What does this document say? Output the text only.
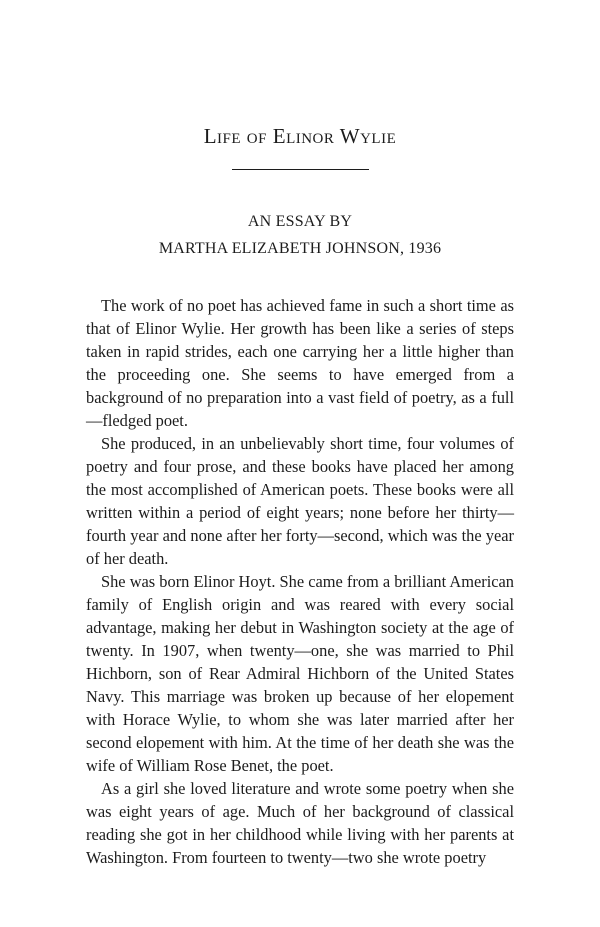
Life of Elinor Wylie
AN ESSAY BY
MARTHA ELIZABETH JOHNSON, 1936

The work of no poet has achieved fame in such a short time as that of Elinor Wylie. Her growth has been like a series of steps taken in rapid strides, each one carrying her a little higher than the proceeding one. She seems to have emerged from a background of no preparation into a vast field of poetry, as a full—fledged poet.

She produced, in an unbelievably short time, four volumes of poetry and four prose, and these books have placed her among the most accomplished of American poets. These books were all written within a period of eight years; none before her thirty—fourth year and none after her forty—second, which was the year of her death.

She was born Elinor Hoyt. She came from a brilliant American family of English origin and was reared with every social advantage, making her debut in Washington society at the age of twenty. In 1907, when twenty—one, she was married to Phil Hichborn, son of Rear Admiral Hichborn of the United States Navy. This marriage was broken up because of her elopement with Horace Wylie, to whom she was later married after her second elopement with him. At the time of her death she was the wife of William Rose Benet, the poet.

As a girl she loved literature and wrote some poetry when she was eight years of age. Much of her background of classical reading she got in her childhood while living with her parents at Washington. From fourteen to twenty—two she wrote poetry
